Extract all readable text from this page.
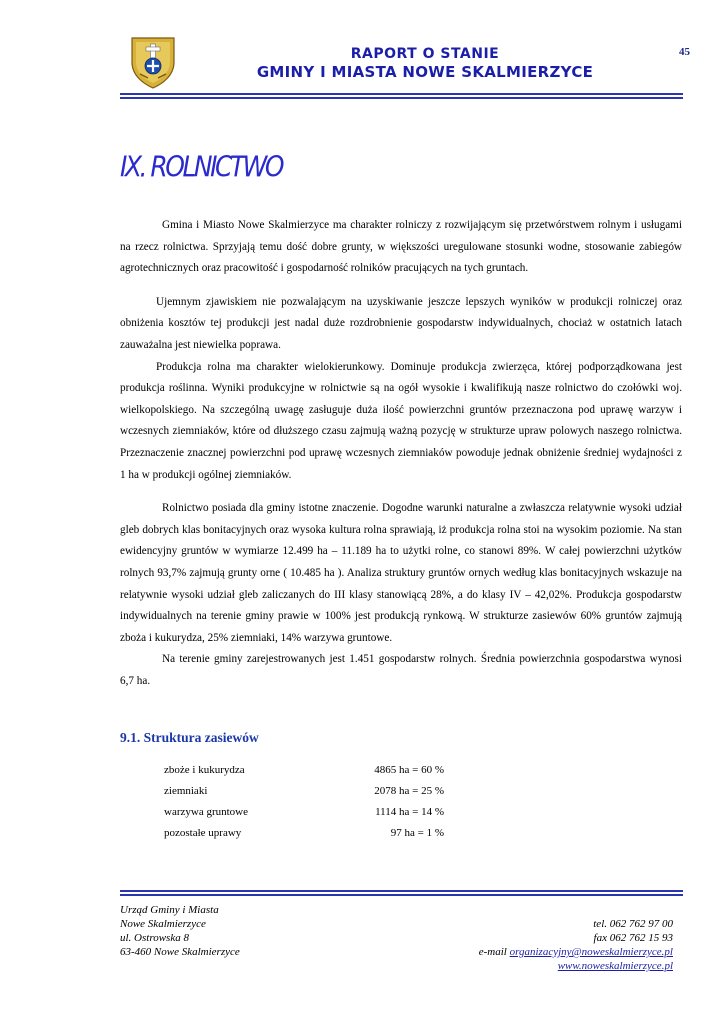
RAPORT O STANIE
GMINY I MIASTA NOWE SKALMIERZYCE
45
IX. ROLNICTWO

Gmina i Miasto Nowe Skalmierzyce ma charakter rolniczy z rozwijającym się przetwórstwem rolnym i usługami na rzecz rolnictwa. Sprzyjają temu dość dobre grunty, w większości uregulowane stosunki wodne, stosowanie zabiegów agrotechnicznych oraz pracowitość i gospodarność rolników pracujących na tych gruntach.

Ujemnym zjawiskiem nie pozwalającym na uzyskiwanie jeszcze lepszych wyników w produkcji rolniczej oraz obniżenia kosztów tej produkcji jest nadal duże rozdrobnienie gospodarstw indywidualnych, chociaż w ostatnich latach zauważalna jest niewielka poprawa.

Produkcja rolna ma charakter wielokierunkowy. Dominuje produkcja zwierzęca, której podporządkowana jest produkcja roślinna. Wyniki produkcyjne w rolnictwie są na ogół wysokie i kwalifikują nasze rolnictwo do czołówki woj. wielkopolskiego. Na szczególną uwagę zasługuje duża ilość powierzchni gruntów przeznaczona pod uprawę warzyw i wczesnych ziemniaków, które od dłuższego czasu zajmują ważną pozycję w strukturze upraw polowych naszego rolnictwa. Przeznaczenie znacznej powierzchni pod uprawę wczesnych ziemniaków powoduje jednak obniżenie średniej wydajności z 1 ha w produkcji ogólnej ziemniaków.

Rolnictwo posiada dla gminy istotne znaczenie. Dogodne warunki naturalne a zwłaszcza relatywnie wysoki udział gleb dobrych klas bonitacyjnych oraz wysoka kultura rolna sprawiają, iż produkcja rolna stoi na wysokim poziomie. Na stan ewidencyjny gruntów w wymiarze 12.499 ha – 11.189 ha to użytki rolne, co stanowi 89%. W całej powierzchni użytków rolnych 93,7% zajmują grunty orne ( 10.485 ha ). Analiza struktury gruntów ornych według klas bonitacyjnych wskazuje na relatywnie wysoki udział gleb zaliczanych do III klasy stanowiącą 28%, a do klasy IV – 42,02%. Produkcja gospodarstw indywidualnych na terenie gminy prawie w 100% jest produkcją rynkową. W strukturze zasiewów 60% gruntów zajmują zboża i kukurydza, 25% ziemniaki, 14% warzywa gruntowe.

Na terenie gminy zarejestrowanych jest 1.451 gospodarstw rolnych. Średnia powierzchnia gospodarstwa wynosi 6,7 ha.

9.1. Struktura zasiewów
zboże i kukurydza	4865 ha = 60 %
ziemniaki	2078 ha = 25 %
warzywa gruntowe	1114 ha = 14 %
pozostałe uprawy	97 ha = 1 %
Urząd Gminy i Miasta
Nowe Skalmierzyce
ul. Ostrowska 8
63-460 Nowe Skalmierzyce
tel. 062 762 97 00
fax 062 762 15 93
e-mail organizacyjny@noweskalmierzyce.pl
www.noweskalmierzyce.pl
